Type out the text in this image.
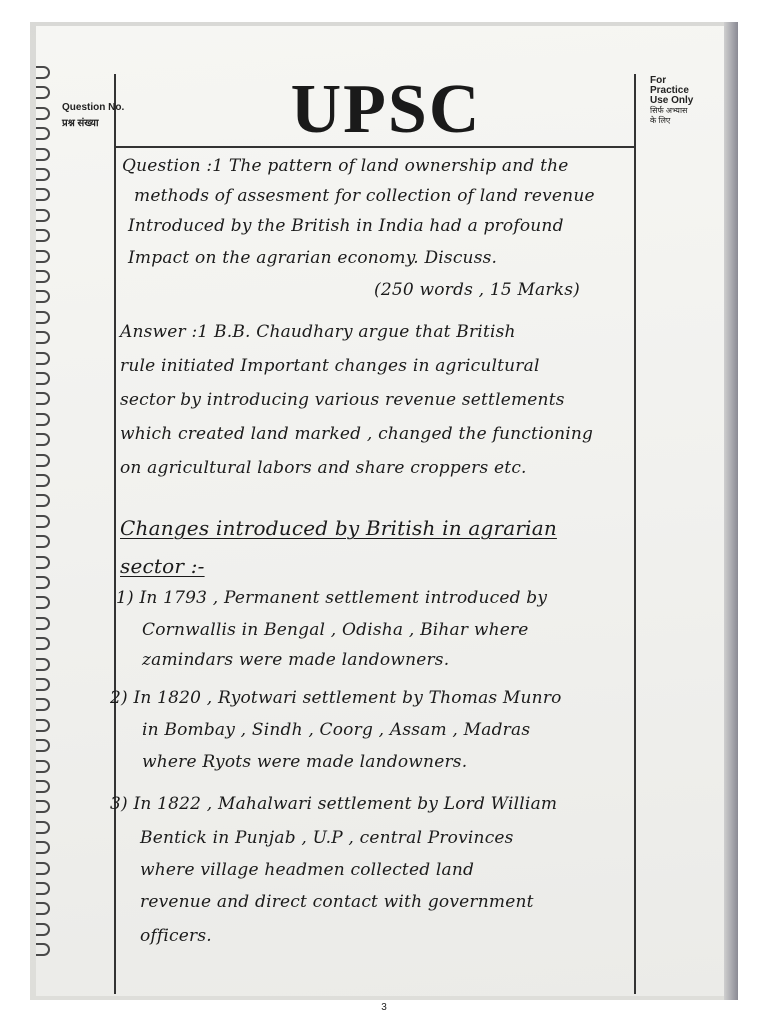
Question No.
प्रश्न संख्या	UPSC	For
Practice
Use Only
सिर्फ अभ्यास
के लिए
Question :1 The pattern of land ownership and the
methods of assesment for collection of land revenue
Introduced by the British in India had a profound
Impact on the agrarian economy. Discuss.
(250 words , 15 Marks)
Answer :1 B.B. Chaudhary argue that British
rule initiated Important changes in agricultural
sector by introducing various revenue settlements
which created land marked , changed the functioning
on agricultural labors and share croppers etc.
Changes introduced by British in agrarian
sector :-
1) In 1793 , Permanent settlement introduced by
Cornwallis in Bengal , Odisha , Bihar where
zamindars were made landowners.
2) In 1820 , Ryotwari settlement by Thomas Munro
in Bombay , Sindh , Coorg , Assam , Madras
where Ryots were made landowners.
3) In 1822 , Mahalwari settlement by Lord William
Bentick in Punjab , U.P , central Provinces
where village headmen collected land
revenue and direct contact with government
officers.
3
